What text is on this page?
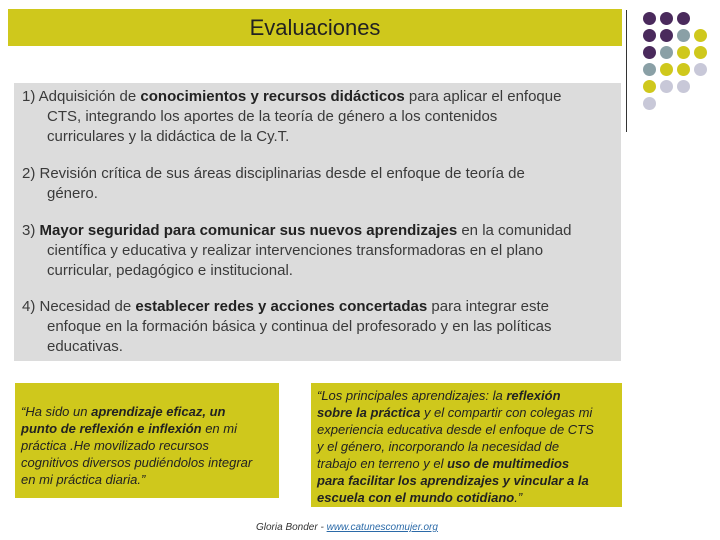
Evaluaciones
1) Adquisición de conocimientos y recursos didácticos para aplicar el enfoque
CTS, integrando los aportes de la teoría de género a los contenidos
curriculares y la didáctica de la Cy.T.
2) Revisión crítica de sus áreas disciplinarias desde el enfoque de teoría de
género.
3) Mayor seguridad para comunicar sus nuevos aprendizajes en la comunidad
científica y educativa y realizar intervenciones transformadoras en el plano
curricular, pedagógico e institucional.
4) Necesidad de establecer redes y acciones concertadas para integrar este
enfoque en la formación básica y continua del profesorado y en las políticas
educativas.
“Ha sido un aprendizaje eficaz, un
punto de reflexión e inflexión en mi
práctica .He movilizado recursos
cognitivos diversos pudiéndolos integrar
en mi práctica diaria.”
“Los principales aprendizajes: la reflexión
sobre la práctica y el compartir con colegas mi
experiencia educativa desde el enfoque de CTS
y el género, incorporando la necesidad de
trabajo en terreno y el uso de multimedios
para facilitar los aprendizajes y vincular a la
escuela con el mundo cotidiano.”
Gloria Bonder - www.catunescomujer.org
